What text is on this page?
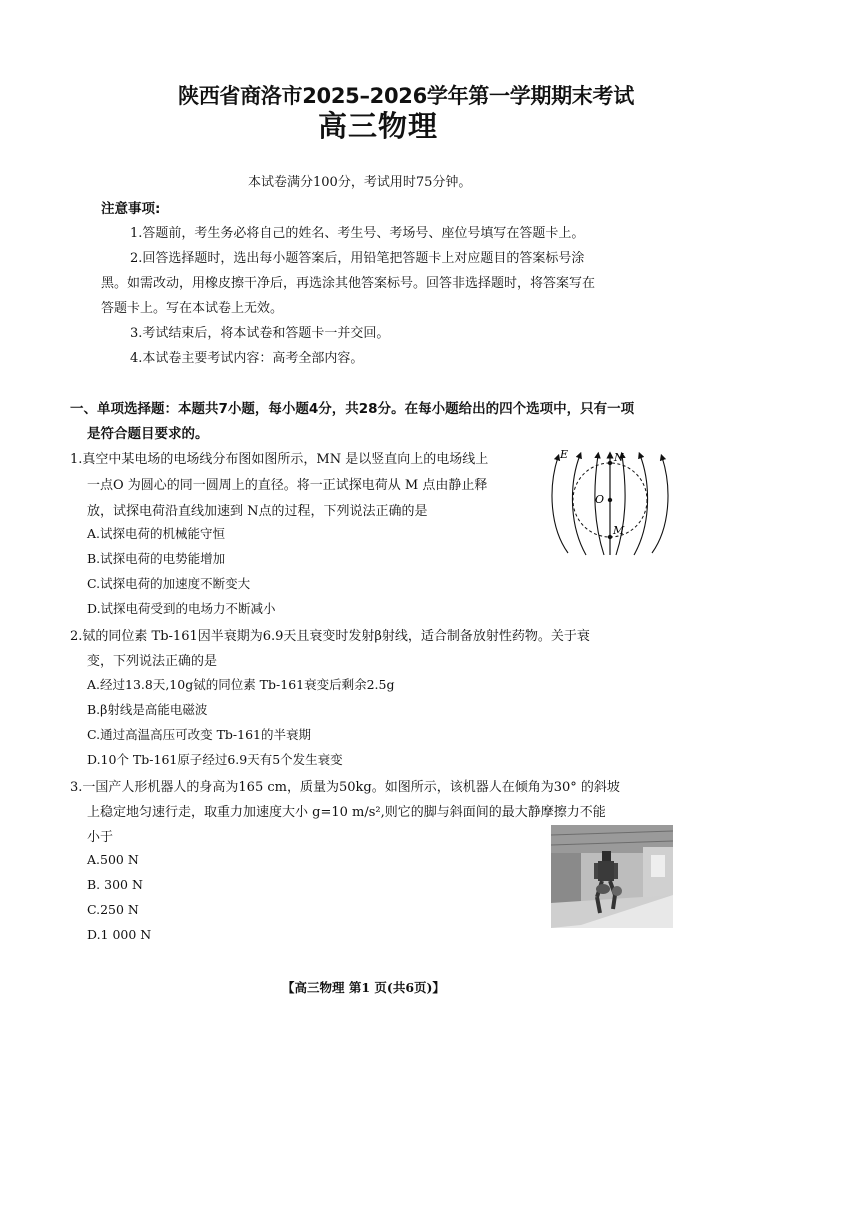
陕西省商洛市2025–2026学年第一学期期末考试
高三物理
本试卷满分100分，考试用时75分钟。
注意事项:
1.答题前，考生务必将自己的姓名、考生号、考场号、座位号填写在答题卡上。
2.回答选择题时，选出每小题答案后，用铅笔把答题卡上对应题目的答案标号涂
黑。如需改动，用橡皮擦干净后，再选涂其他答案标号。回答非选择题时，将答案写在
答题卡上。写在本试卷上无效。
3.考试结束后，将本试卷和答题卡一并交回。
4.本试卷主要考试内容：高考全部内容。
一、单项选择题：本题共7小题，每小题4分，共28分。在每小题给出的四个选项中，只有一项
是符合题目要求的。
1.真空中某电场的电场线分布图如图所示，MN 是以竖直向上的电场线上
一点O 为圆心的同一圆周上的直径。将一正试探电荷从 M 点由静止释
放，试探电荷沿直线加速到 N点的过程，下列说法正确的是
A.试探电荷的机械能守恒
B.试探电荷的电势能增加
C.试探电荷的加速度不断变大
D.试探电荷受到的电场力不断减小
E	N
O
M
2.铽的同位素 Tb-161因半衰期为6.9天且衰变时发射β射线，适合制备放射性药物。关于衰
变，下列说法正确的是
A.经过13.8天,10g铽的同位素 Tb-161衰变后剩余2.5g
B.β射线是高能电磁波
C.通过高温高压可改变 Tb-161的半衰期
D.10个 Tb-161原子经过6.9天有5个发生衰变
3.一国产人形机器人的身高为165 cm，质量为50kg。如图所示，该机器人在倾角为30° 的斜坡
上稳定地匀速行走，取重力加速度大小 g=10 m/s²,则它的脚与斜面间的最大静摩擦力不能
小于
A.500 N
B. 300 N
C.250 N
D.1 000 N
【高三物理 第1 页(共6页)】
